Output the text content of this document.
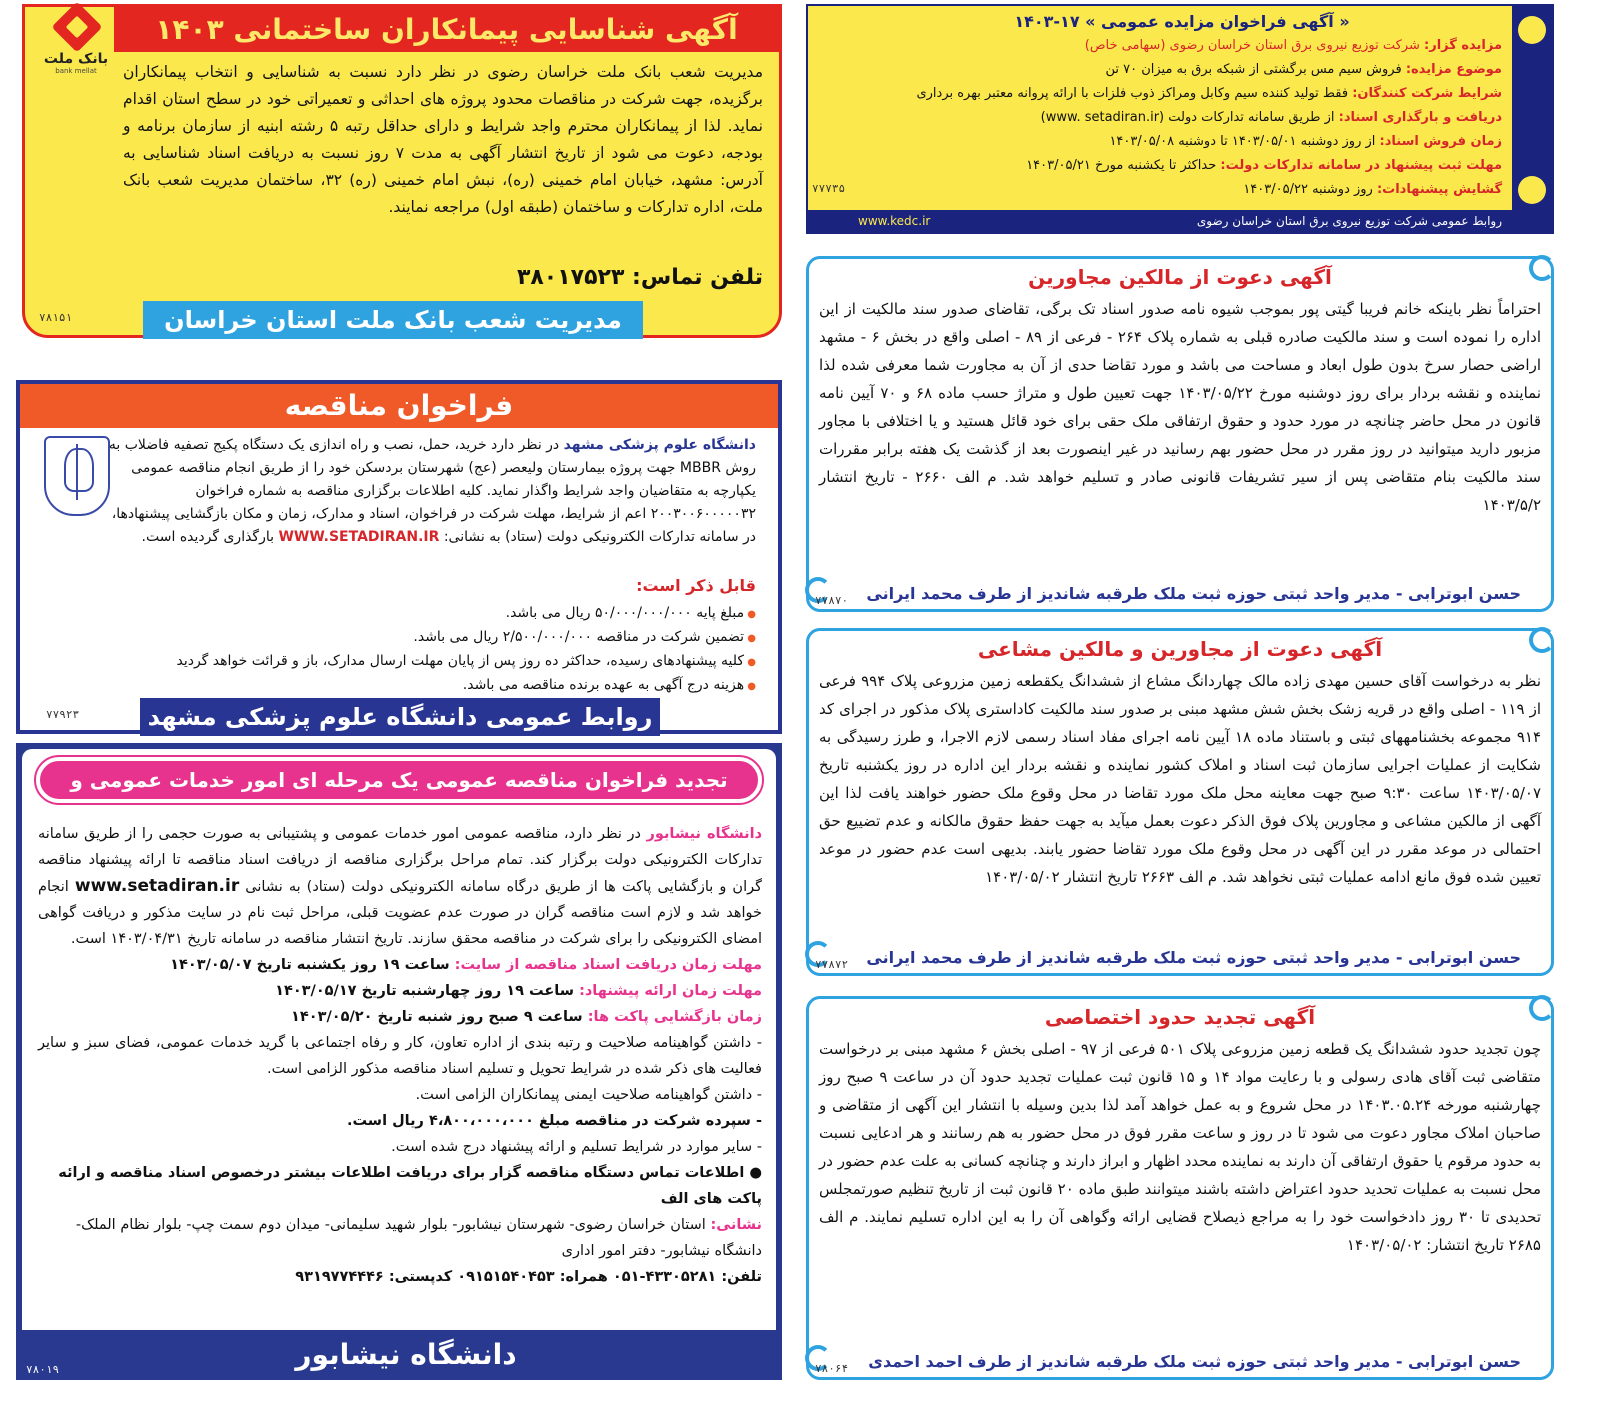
آگهی شناسایی پیمانکاران ساختمانی ۱۴۰۳
بانک ملت
bank mellat	مدیریت شعب بانک ملت خراسان رضوی در نظر دارد نسبت به شناسایی و انتخاب پیمانکاران برگزیده، جهت شرکت در مناقصات محدود پروژه های احداثی و تعمیراتی خود در سطح استان اقدام نماید. لذا از پیمانکاران محترم واجد شرایط و دارای حداقل رتبه ۵ رشته ابنیه از سازمان برنامه و بودجه، دعوت می شود از تاریخ انتشار آگهی به مدت ۷ روز نسبت به دریافت اسناد شناسایی به آدرس: مشهد، خیابان امام خمینی (ره)، نبش امام خمینی (ره) ۳۲، ساختمان مدیریت شعب بانک ملت، اداره تدارکات و ساختمان (طبقه اول) مراجعه نمایند.

تلفن تماس: ۳۸۰۱۷۵۲۳
مدیریت شعب بانک ملت استان خراسان رضوی
۷۸۱۵۱
فراخوان مناقصه
دانشگاه علوم پزشکی مشهد در نظر دارد خرید، حمل، نصب و راه اندازی یک دستگاه پکیج تصفیه فاضلاب به روش MBBR جهت پروژه بیمارستان ولیعصر (عج) شهرستان بردسکن خود را از طریق انجام مناقصه عمومی یکپارچه به متقاضیان واجد شرایط واگذار نماید. کلیه اطلاعات برگزاری مناقصه به شماره فراخوان ۲۰۰۳۰۰۶۰۰۰۰۰۳۲ اعم از شرایط، مهلت شرکت در فراخوان، اسناد و مدارک، زمان و مکان بازگشایی پیشنهادها، در سامانه تدارکات الکترونیکی دولت (ستاد) به نشانی: WWW.SETADIRAN.IR بارگذاری گردیده است.
قابل ذکر است:
● مبلغ پایه ۵۰/۰۰۰/۰۰۰/۰۰۰ ریال می باشد.
● تضمین شرکت در مناقصه ۲/۵۰۰/۰۰۰/۰۰۰ ریال می باشد.
● کلیه پیشنهادهای رسیده، حداکثر ده روز پس از پایان مهلت ارسال مدارک، باز و قرائت خواهد گردید
● هزینه درج آگهی به عهده برنده مناقصه می باشد.
روابط عمومی دانشگاه علوم پزشکی مشهد
۷۷۹۲۳
تجدید فراخوان مناقصه عمومی یک مرحله ای امور خدمات عمومی و پشتیبانی دانشگاه نیشابور
دانشگاه نیشابور در نظر دارد، مناقصه عمومی امور خدمات عمومی و پشتیبانی به صورت حجمی را از طریق سامانه تدارکات الکترونیکی دولت برگزار کند. تمام مراحل برگزاری مناقصه از دریافت اسناد مناقصه تا ارائه پیشنهاد مناقصه گران و بازگشایی پاکت ها از طریق درگاه سامانه الکترونیکی دولت (ستاد) به نشانی www.setadiran.ir انجام خواهد شد و لازم است مناقصه گران در صورت عدم عضویت قبلی، مراحل ثبت نام در سایت مذکور و دریافت گواهی امضای الکترونیکی را برای شرکت در مناقصه محقق سازند. تاریخ انتشار مناقصه در سامانه تاریخ ۱۴۰۳/۰۴/۳۱ است.
مهلت زمان دریافت اسناد مناقصه از سایت: ساعت ۱۹ روز یکشنبه تاریخ ۱۴۰۳/۰۵/۰۷
مهلت زمان ارائه پیشنهاد: ساعت ۱۹ روز چهارشنبه تاریخ ۱۴۰۳/۰۵/۱۷
زمان بازگشایی پاکت ها: ساعت ۹ صبح روز شنبه تاریخ ۱۴۰۳/۰۵/۲۰
- داشتن گواهینامه صلاحیت و رتبه بندی از اداره تعاون، کار و رفاه اجتماعی با گرید خدمات عمومی، فضای سبز و سایر فعالیت های ذکر شده در شرایط تحویل و تسلیم اسناد مناقصه مذکور الزامی است.
- داشتن گواهینامه صلاحیت ایمنی پیمانکاران الزامی است.
- سپرده شرکت در مناقصه مبلغ ۴،۸۰۰،۰۰۰،۰۰۰ ریال است.
- سایر موارد در شرایط تسلیم و ارائه پیشنهاد درج شده است.
● اطلاعات تماس دستگاه مناقصه گزار برای دریافت اطلاعات بیشتر درخصوص اسناد مناقصه و ارائه پاکت های الف
نشانی: استان خراسان رضوی- شهرستان نیشابور- بلوار شهید سلیمانی- میدان دوم سمت چپ- بلوار نظام الملک- دانشگاه نیشابور- دفتر امور اداری
تلفن: ۴۳۳۰۵۲۸۱-۰۵۱ همراه: ۰۹۱۵۱۵۴۰۴۵۳ کدپستی: ۹۳۱۹۷۷۴۴۴۶
دانشگاه نیشابور
۷۸۰۱۹
« آگهی فراخوان مزایده عمومی » ۱۷-۱۴۰۳
مزایده گزار: شرکت توزیع نیروی برق استان خراسان رضوی (سهامی خاص)
موضوع مزایده: فروش سیم مس برگشتی از شبکه برق به میزان ۷۰ تن
شرایط شرکت کنندگان: فقط تولید کننده سیم وکابل ومراکز ذوب فلزات با ارائه پروانه معتبر بهره برداری
دریافت و بارگذاری اسناد: از طریق سامانه تدارکات دولت (www. setadiran.ir)
زمان فروش اسناد: از روز دوشنبه ۱۴۰۳/۰۵/۰۱ تا دوشنبه ۱۴۰۳/۰۵/۰۸
مهلت ثبت پیشنهاد در سامانه تدارکات دولت: حداکثر تا یکشنبه مورخ ۱۴۰۳/۰۵/۲۱
گشایش پیشنهادات: روز دوشنبه ۱۴۰۳/۰۵/۲۲
روابط عمومی شرکت توزیع نیروی برق استان خراسان رضوی
www.kedc.ir
۷۷۷۳۵
آگهی دعوت از مالکین مجاورین

احتراماً نظر باینکه خانم فریبا گیتی پور بموجب شیوه نامه صدور اسناد تک برگی، تقاضای صدور سند مالکیت از این اداره را نموده است و سند مالکیت صادره قبلی به شماره پلاک ۲۶۴ - فرعی از ۸۹ - اصلی واقع در بخش ۶ - مشهد اراضی حصار سرخ بدون طول ابعاد و مساحت می باشد و مورد تقاضا حدی از آن به مجاورت شما معرفی شده لذا نماینده و نقشه بردار برای روز دوشنبه مورخ ۱۴۰۳/۰۵/۲۲ جهت تعیین طول و متراژ حسب ماده ۶۸ و ۷۰ آیین نامه قانون در محل حاضر چنانچه در مورد حدود و حقوق ارتفاقی ملک حقی برای خود قائل هستید و یا اختلافی با مجاور مزبور دارید میتوانید در روز مقرر در محل حضور بهم رسانید در غیر اینصورت بعد از گذشت یک هفته برابر مقررات سند مالکیت بنام متقاضی پس از سیر تشریفات قانونی صادر و تسلیم خواهد شد. م الف ۲۶۶۰ - تاریخ انتشار ۱۴۰۳/۵/۲

حسن ابوترابی - مدیر واحد ثبتی حوزه ثبت ملک طرقبه شاندیز از طرف محمد ایرانی
۷۷۸۷۰
آگهی دعوت از مجاورین و مالکین مشاعی

نظر به درخواست آقای حسین مهدی زاده مالک چهاردانگ مشاع از ششدانگ یکقطعه زمین مزروعی پلاک ۹۹۴ فرعی از ۱۱۹ - اصلی واقع در قریه زشک بخش شش مشهد مبنی بر صدور سند مالکیت کاداستری پلاک مذکور در اجرای کد ۹۱۴ مجموعه بخشنامههای ثبتی و باستناد ماده ۱۸ آیین نامه اجرای مفاد اسناد رسمی لازم الاجرا، و طرز رسیدگی به شکایت از عملیات اجرایی سازمان ثبت اسناد و املاک کشور نماینده و نقشه بردار این اداره در روز یکشنبه تاریخ ۱۴۰۳/۰۵/۰۷ ساعت ۹:۳۰ صبح جهت معاینه محل ملک مورد تقاضا در محل وقوع ملک حضور خواهند یافت لذا این آگهی از مالکین مشاعی و مجاورین پلاک فوق الذکر دعوت بعمل میآید به جهت حفظ حقوق مالکانه و عدم تضییع حق احتمالی در موعد مقرر در این آگهی در محل وقوع ملک مورد تقاضا حضور یابند. بدیهی است عدم حضور در موعد تعیین شده فوق مانع ادامه عملیات ثبتی نخواهد شد. م الف ۲۶۶۳ تاریخ انتشار ۱۴۰۳/۰۵/۰۲

حسن ابوترابی - مدیر واحد ثبتی حوزه ثبت ملک طرقبه شاندیز از طرف محمد ایرانی
۷۷۸۷۲
آگهی تجدید حدود اختصاصی

چون تجدید حدود ششدانگ یک قطعه زمین مزروعی پلاک ۵۰۱ فرعی از ۹۷ - اصلی بخش ۶ مشهد مبنی بر درخواست متقاضی ثبت آقای هادی رسولی و با رعایت مواد ۱۴ و ۱۵ قانون ثبت عملیات تجدید حدود آن در ساعت ۹ صبح روز چهارشنبه مورخه ۱۴۰۳.۰۵.۲۴ در محل شروع و به عمل خواهد آمد لذا بدین وسیله با انتشار این آگهی از متقاضی و صاحبان املاک مجاور دعوت می شود تا در روز و ساعت مقرر فوق در محل حضور به هم رسانند و هر ادعایی نسبت به حدود مرقوم یا حقوق ارتفاقی آن دارند به نماینده محدد اظهار و ابراز دارند و چنانچه کسانی به علت عدم حضور در محل نسبت به عملیات تحدید حدود اعتراض داشته باشند میتوانند طبق ماده ۲۰ قانون ثبت از تاریخ تنظیم صورتمجلس تحدیدی تا ۳۰ روز دادخواست خود را به مراجع ذیصلاح قضایی ارائه وگواهی آن را به این اداره تسلیم نمایند. م الف ۲۶۸۵ تاریخ انتشار: ۱۴۰۳/۰۵/۰۲

حسن ابوترابی - مدیر واحد ثبتی حوزه ثبت ملک طرقبه شاندیز از طرف احمد احمدی
۷۸۰۶۴
